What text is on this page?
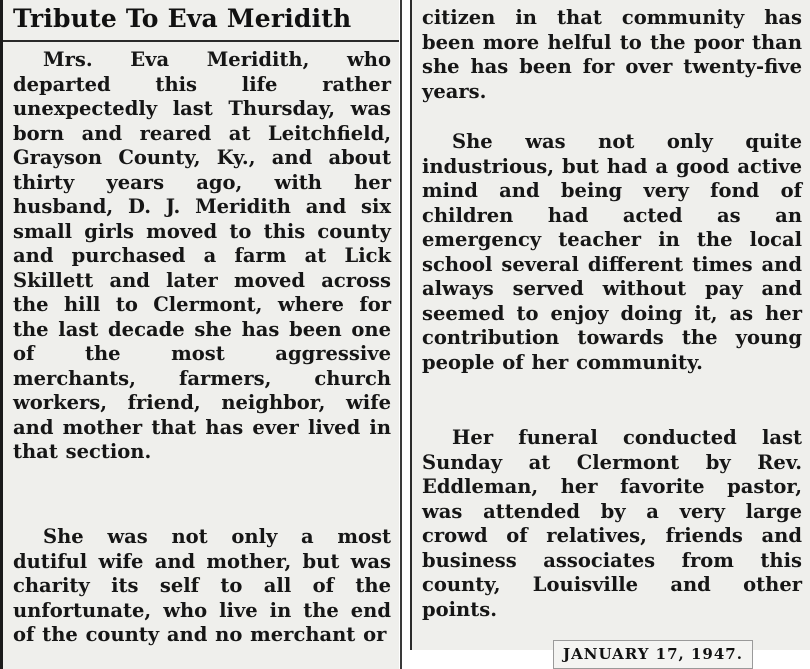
Tribute To Eva Meridith

Mrs. Eva Meridith, who departed this life rather unexpectedly last Thursday, was born and reared at Leitchfield, Grayson County, Ky., and about thirty years ago, with her husband, D. J. Meridith and six small girls moved to this county and purchased a farm at Lick Skillett and later moved across the hill to Clermont, where for the last decade she has been one of the most aggressive merchants, farmers, church workers, friend, neighbor, wife and mother that has ever lived in that section.

She was not only a most dutiful wife and mother, but was charity its self to all of the unfortunate, who live in the end of the county and no merchant or

citizen in that community has been more helful to the poor than she has been for over twenty-five years.

She was not only quite industrious, but had a good active mind and being very fond of children had acted as an emergency teacher in the local school several different times and always served without pay and seemed to enjoy doing it, as her contribution towards the young people of her community.

Her funeral conducted last Sunday at Clermont by Rev. Eddleman, her favorite pastor, was attended by a very large crowd of relatives, friends and business associates from this county, Louisville and other points.

JANUARY 17, 1947.
